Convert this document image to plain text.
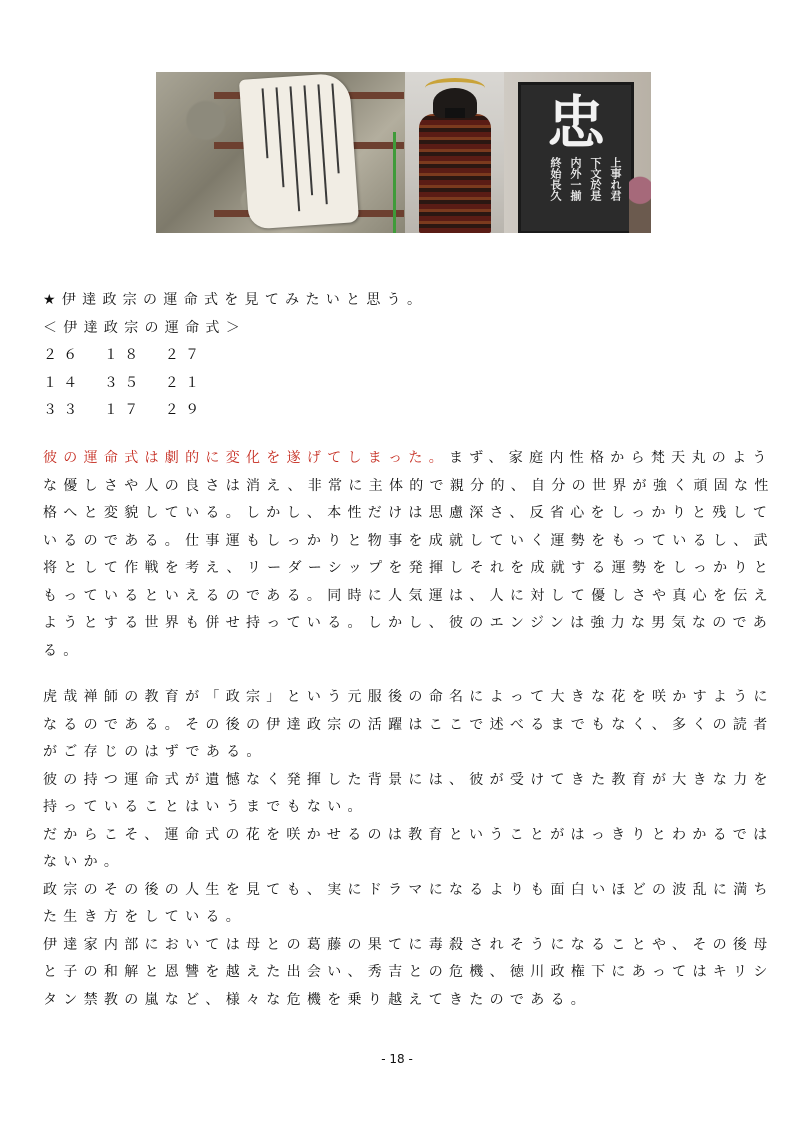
忠
上事れ君
下文於是
内外一揃
終始長久
★伊達政宗の運命式を見てみたいと思う。
＜伊達政宗の運命式＞
２６　１８　２７
１４　３５　２１
３３　１７　２９
彼の運命式は劇的に変化を遂げてしまった。まず、家庭内性格から梵天丸のよう
な優しさや人の良さは消え、非常に主体的で親分的、自分の世界が強く頑固な性
格へと変貌している。しかし、本性だけは思慮深さ、反省心をしっかりと残して
いるのである。仕事運もしっかりと物事を成就していく運勢をもっているし、武
将として作戦を考え、リーダーシップを発揮しそれを成就する運勢をしっかりと
もっているといえるのである。同時に人気運は、人に対して優しさや真心を伝え
ようとする世界も併せ持っている。しかし、彼のエンジンは強力な男気なのであ
る。
虎哉禅師の教育が「政宗」という元服後の命名によって大きな花を咲かすように
なるのである。その後の伊達政宗の活躍はここで述べるまでもなく、多くの読者
がご存じのはずである。
彼の持つ運命式が遺憾なく発揮した背景には、彼が受けてきた教育が大きな力を
持っていることはいうまでもない。
だからこそ、運命式の花を咲かせるのは教育ということがはっきりとわかるでは
ないか。
政宗のその後の人生を見ても、実にドラマになるよりも面白いほどの波乱に満ち
た生き方をしている。
伊達家内部においては母との葛藤の果てに毒殺されそうになることや、その後母
と子の和解と恩讐を越えた出会い、秀吉との危機、徳川政権下にあってはキリシ
タン禁教の嵐など、様々な危機を乗り越えてきたのである。
- 18 -
